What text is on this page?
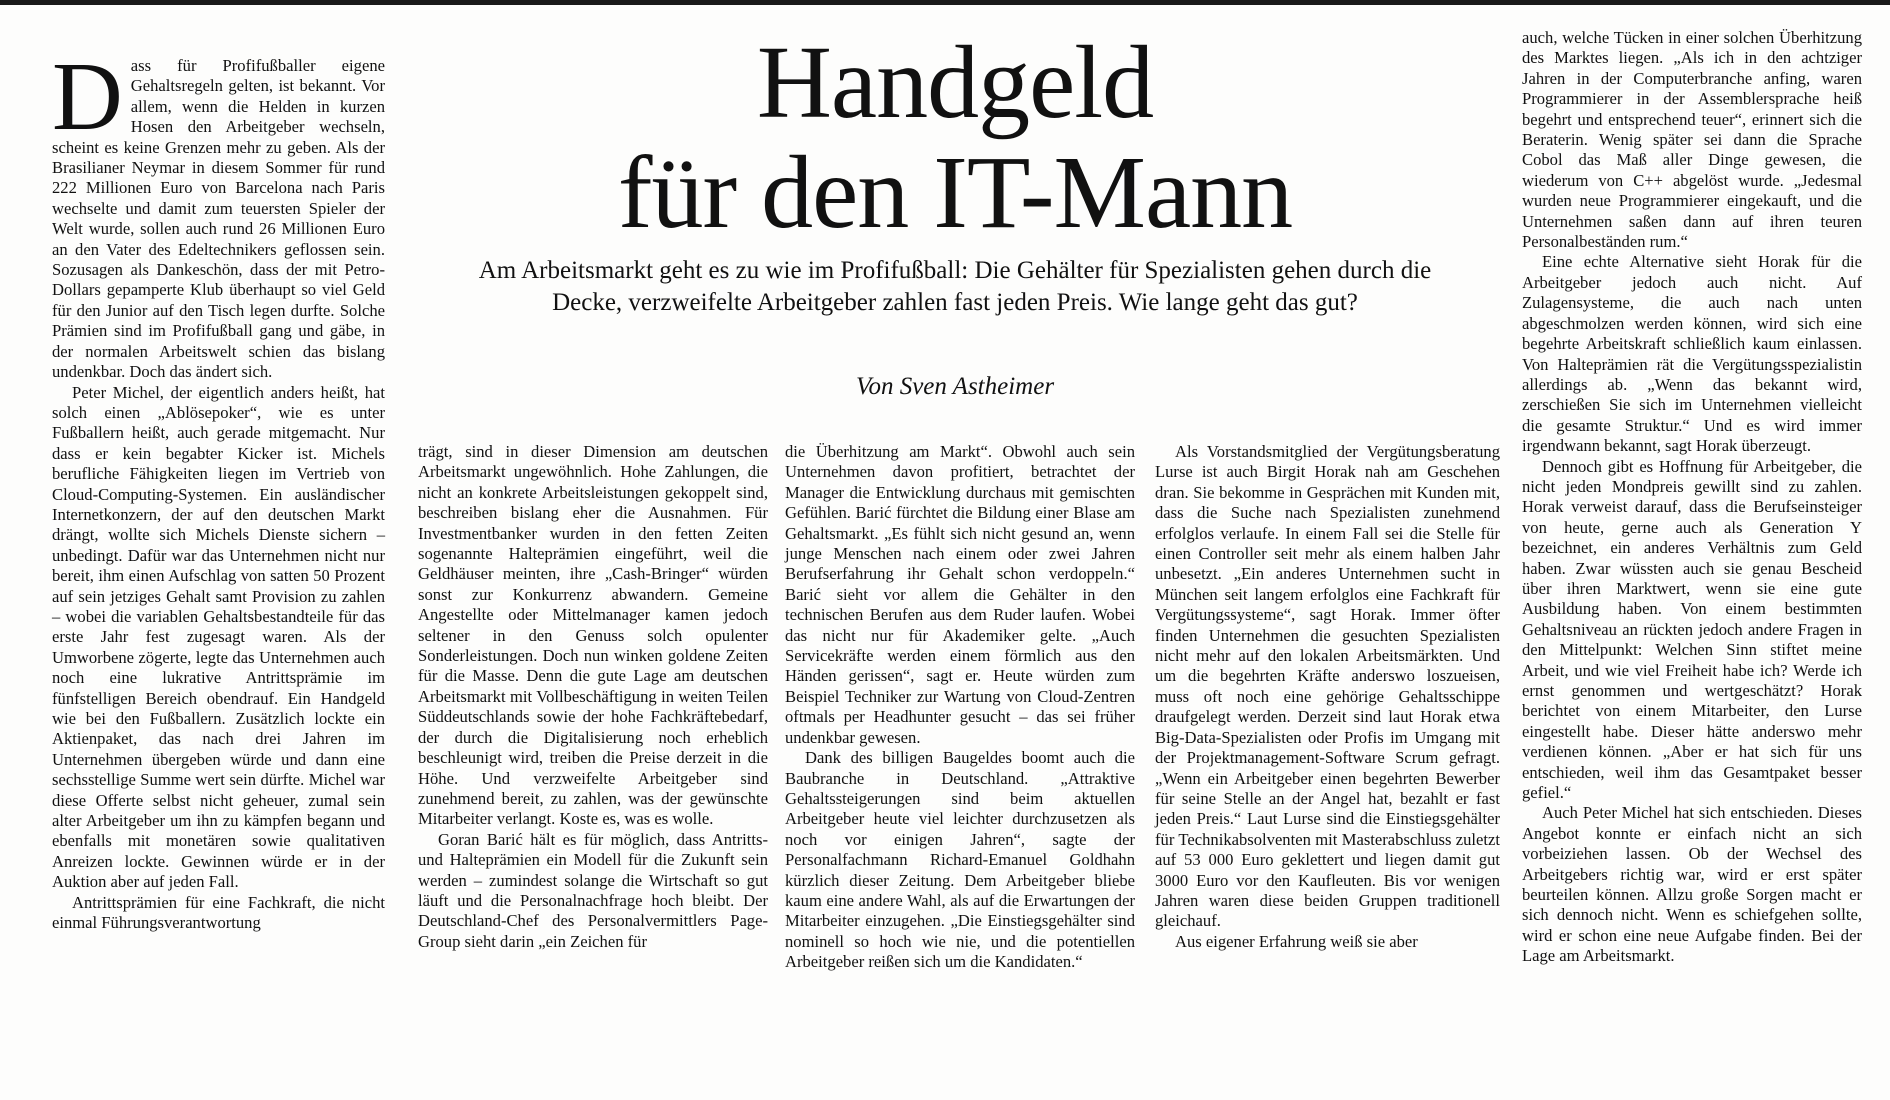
Dass für Profifußballer eigene Gehaltsregeln gelten, ist bekannt. Vor allem, wenn die Helden in kurzen Hosen den Arbeitgeber wechseln, scheint es keine Grenzen mehr zu geben. Als der Brasilianer Neymar in diesem Sommer für rund 222 Millionen Euro von Barcelona nach Paris wechselte und damit zum teuersten Spieler der Welt wurde, sollen auch rund 26 Millionen Euro an den Vater des Edeltechnikers geflossen sein. Sozusagen als Dankeschön, dass der mit Petro-Dollars gepamperte Klub überhaupt so viel Geld für den Junior auf den Tisch legen durfte. Solche Prämien sind im Profifußball gang und gäbe, in der normalen Arbeitswelt schien das bislang undenkbar. Doch das ändert sich.

Peter Michel, der eigentlich anders heißt, hat solch einen „Ablösepoker“, wie es unter Fußballern heißt, auch gerade mitgemacht. Nur dass er kein begabter Kicker ist. Michels berufliche Fähigkeiten liegen im Vertrieb von Cloud-Computing-Systemen. Ein ausländischer Internetkonzern, der auf den deutschen Markt drängt, wollte sich Michels Dienste sichern – unbedingt. Dafür war das Unternehmen nicht nur bereit, ihm einen Aufschlag von satten 50 Prozent auf sein jetziges Gehalt samt Provision zu zahlen – wobei die variablen Gehaltsbestandteile für das erste Jahr fest zugesagt waren. Als der Umworbene zögerte, legte das Unternehmen auch noch eine lukrative Antrittsprämie im fünfstelligen Bereich obendrauf. Ein Handgeld wie bei den Fußballern. Zusätzlich lockte ein Aktienpaket, das nach drei Jahren im Unternehmen übergeben würde und dann eine sechsstellige Summe wert sein dürfte. Michel war diese Offerte selbst nicht geheuer, zumal sein alter Arbeitgeber um ihn zu kämpfen begann und ebenfalls mit monetären sowie qualitativen Anreizen lockte. Gewinnen würde er in der Auktion aber auf jeden Fall.

Antrittsprämien für eine Fachkraft, die nicht einmal Führungsverantwortung

Handgeld
für den IT-Mann
Am Arbeitsmarkt geht es zu wie im Profifußball: Die Gehälter für Spezialisten gehen durch die Decke, verzweifelte Arbeitgeber zahlen fast jeden Preis. Wie lange geht das gut?
Von Sven Astheimer

trägt, sind in dieser Dimension am deutschen Arbeitsmarkt ungewöhnlich. Hohe Zahlungen, die nicht an konkrete Arbeitsleistungen gekoppelt sind, beschreiben bislang eher die Ausnahmen. Für Investmentbanker wurden in den fetten Zeiten sogenannte Halteprämien eingeführt, weil die Geldhäuser meinten, ihre „Cash-Bringer“ würden sonst zur Konkurrenz abwandern. Gemeine Angestellte oder Mittelmanager kamen jedoch seltener in den Genuss solch opulenter Sonderleistungen. Doch nun winken goldene Zeiten für die Masse. Denn die gute Lage am deutschen Arbeitsmarkt mit Vollbeschäftigung in weiten Teilen Süddeutschlands sowie der hohe Fachkräftebedarf, der durch die Digitalisierung noch erheblich beschleunigt wird, treiben die Preise derzeit in die Höhe. Und verzweifelte Arbeitgeber sind zunehmend bereit, zu zahlen, was der gewünschte Mitarbeiter verlangt. Koste es, was es wolle.

Goran Barić hält es für möglich, dass Antritts- und Halteprämien ein Modell für die Zukunft sein werden – zumindest solange die Wirtschaft so gut läuft und die Personalnachfrage hoch bleibt. Der Deutschland-Chef des Personalvermittlers Page-Group sieht darin „ein Zeichen für

die Überhitzung am Markt“. Obwohl auch sein Unternehmen davon profitiert, betrachtet der Manager die Entwicklung durchaus mit gemischten Gefühlen. Barić fürchtet die Bildung einer Blase am Gehaltsmarkt. „Es fühlt sich nicht gesund an, wenn junge Menschen nach einem oder zwei Jahren Berufserfahrung ihr Gehalt schon verdoppeln.“ Barić sieht vor allem die Gehälter in den technischen Berufen aus dem Ruder laufen. Wobei das nicht nur für Akademiker gelte. „Auch Servicekräfte werden einem förmlich aus den Händen gerissen“, sagt er. Heute würden zum Beispiel Techniker zur Wartung von Cloud-Zentren oftmals per Headhunter gesucht – das sei früher undenkbar gewesen.

Dank des billigen Baugeldes boomt auch die Baubranche in Deutschland. „Attraktive Gehaltssteigerungen sind beim aktuellen Arbeitgeber heute viel leichter durchzusetzen als noch vor einigen Jahren“, sagte der Personalfachmann Richard-Emanuel Goldhahn kürzlich dieser Zeitung. Dem Arbeitgeber bliebe kaum eine andere Wahl, als auf die Erwartungen der Mitarbeiter einzugehen. „Die Einstiegsgehälter sind nominell so hoch wie nie, und die potentiellen Arbeitgeber reißen sich um die Kandidaten.“

Als Vorstandsmitglied der Vergütungsberatung Lurse ist auch Birgit Horak nah am Geschehen dran. Sie bekomme in Gesprächen mit Kunden mit, dass die Suche nach Spezialisten zunehmend erfolglos verlaufe. In einem Fall sei die Stelle für einen Controller seit mehr als einem halben Jahr unbesetzt. „Ein anderes Unternehmen sucht in München seit langem erfolglos eine Fachkraft für Vergütungssysteme“, sagt Horak. Immer öfter finden Unternehmen die gesuchten Spezialisten nicht mehr auf den lokalen Arbeitsmärkten. Und um die begehrten Kräfte anderswo loszueisen, muss oft noch eine gehörige Gehaltsschippe draufgelegt werden. Derzeit sind laut Horak etwa Big-Data-Spezialisten oder Profis im Umgang mit der Projektmanagement-Software Scrum gefragt. „Wenn ein Arbeitgeber einen begehrten Bewerber für seine Stelle an der Angel hat, bezahlt er fast jeden Preis.“ Laut Lurse sind die Einstiegsgehälter für Technikabsolventen mit Masterabschluss zuletzt auf 53 000 Euro geklettert und liegen damit gut 3000 Euro vor den Kaufleuten. Bis vor wenigen Jahren waren diese beiden Gruppen traditionell gleichauf.

Aus eigener Erfahrung weiß sie aber

auch, welche Tücken in einer solchen Überhitzung des Marktes liegen. „Als ich in den achtziger Jahren in der Computerbranche anfing, waren Programmierer in der Assemblersprache heiß begehrt und entsprechend teuer“, erinnert sich die Beraterin. Wenig später sei dann die Sprache Cobol das Maß aller Dinge gewesen, die wiederum von C++ abgelöst wurde. „Jedesmal wurden neue Programmierer eingekauft, und die Unternehmen saßen dann auf ihren teuren Personalbeständen rum.“

Eine echte Alternative sieht Horak für die Arbeitgeber jedoch auch nicht. Auf Zulagensysteme, die auch nach unten abgeschmolzen werden können, wird sich eine begehrte Arbeitskraft schließlich kaum einlassen. Von Halteprämien rät die Vergütungsspezialistin allerdings ab. „Wenn das bekannt wird, zerschießen Sie sich im Unternehmen vielleicht die gesamte Struktur.“ Und es wird immer irgendwann bekannt, sagt Horak überzeugt.

Dennoch gibt es Hoffnung für Arbeitgeber, die nicht jeden Mondpreis gewillt sind zu zahlen. Horak verweist darauf, dass die Berufseinsteiger von heute, gerne auch als Generation Y bezeichnet, ein anderes Verhältnis zum Geld haben. Zwar wüssten auch sie genau Bescheid über ihren Marktwert, wenn sie eine gute Ausbildung haben. Von einem bestimmten Gehaltsniveau an rückten jedoch andere Fragen in den Mittelpunkt: Welchen Sinn stiftet meine Arbeit, und wie viel Freiheit habe ich? Werde ich ernst genommen und wertgeschätzt? Horak berichtet von einem Mitarbeiter, den Lurse eingestellt habe. Dieser hätte anderswo mehr verdienen können. „Aber er hat sich für uns entschieden, weil ihm das Gesamtpaket besser gefiel.“

Auch Peter Michel hat sich entschieden. Dieses Angebot konnte er einfach nicht an sich vorbeiziehen lassen. Ob der Wechsel des Arbeitgebers richtig war, wird er erst später beurteilen können. Allzu große Sorgen macht er sich dennoch nicht. Wenn es schiefgehen sollte, wird er schon eine neue Aufgabe finden. Bei der Lage am Arbeitsmarkt.
